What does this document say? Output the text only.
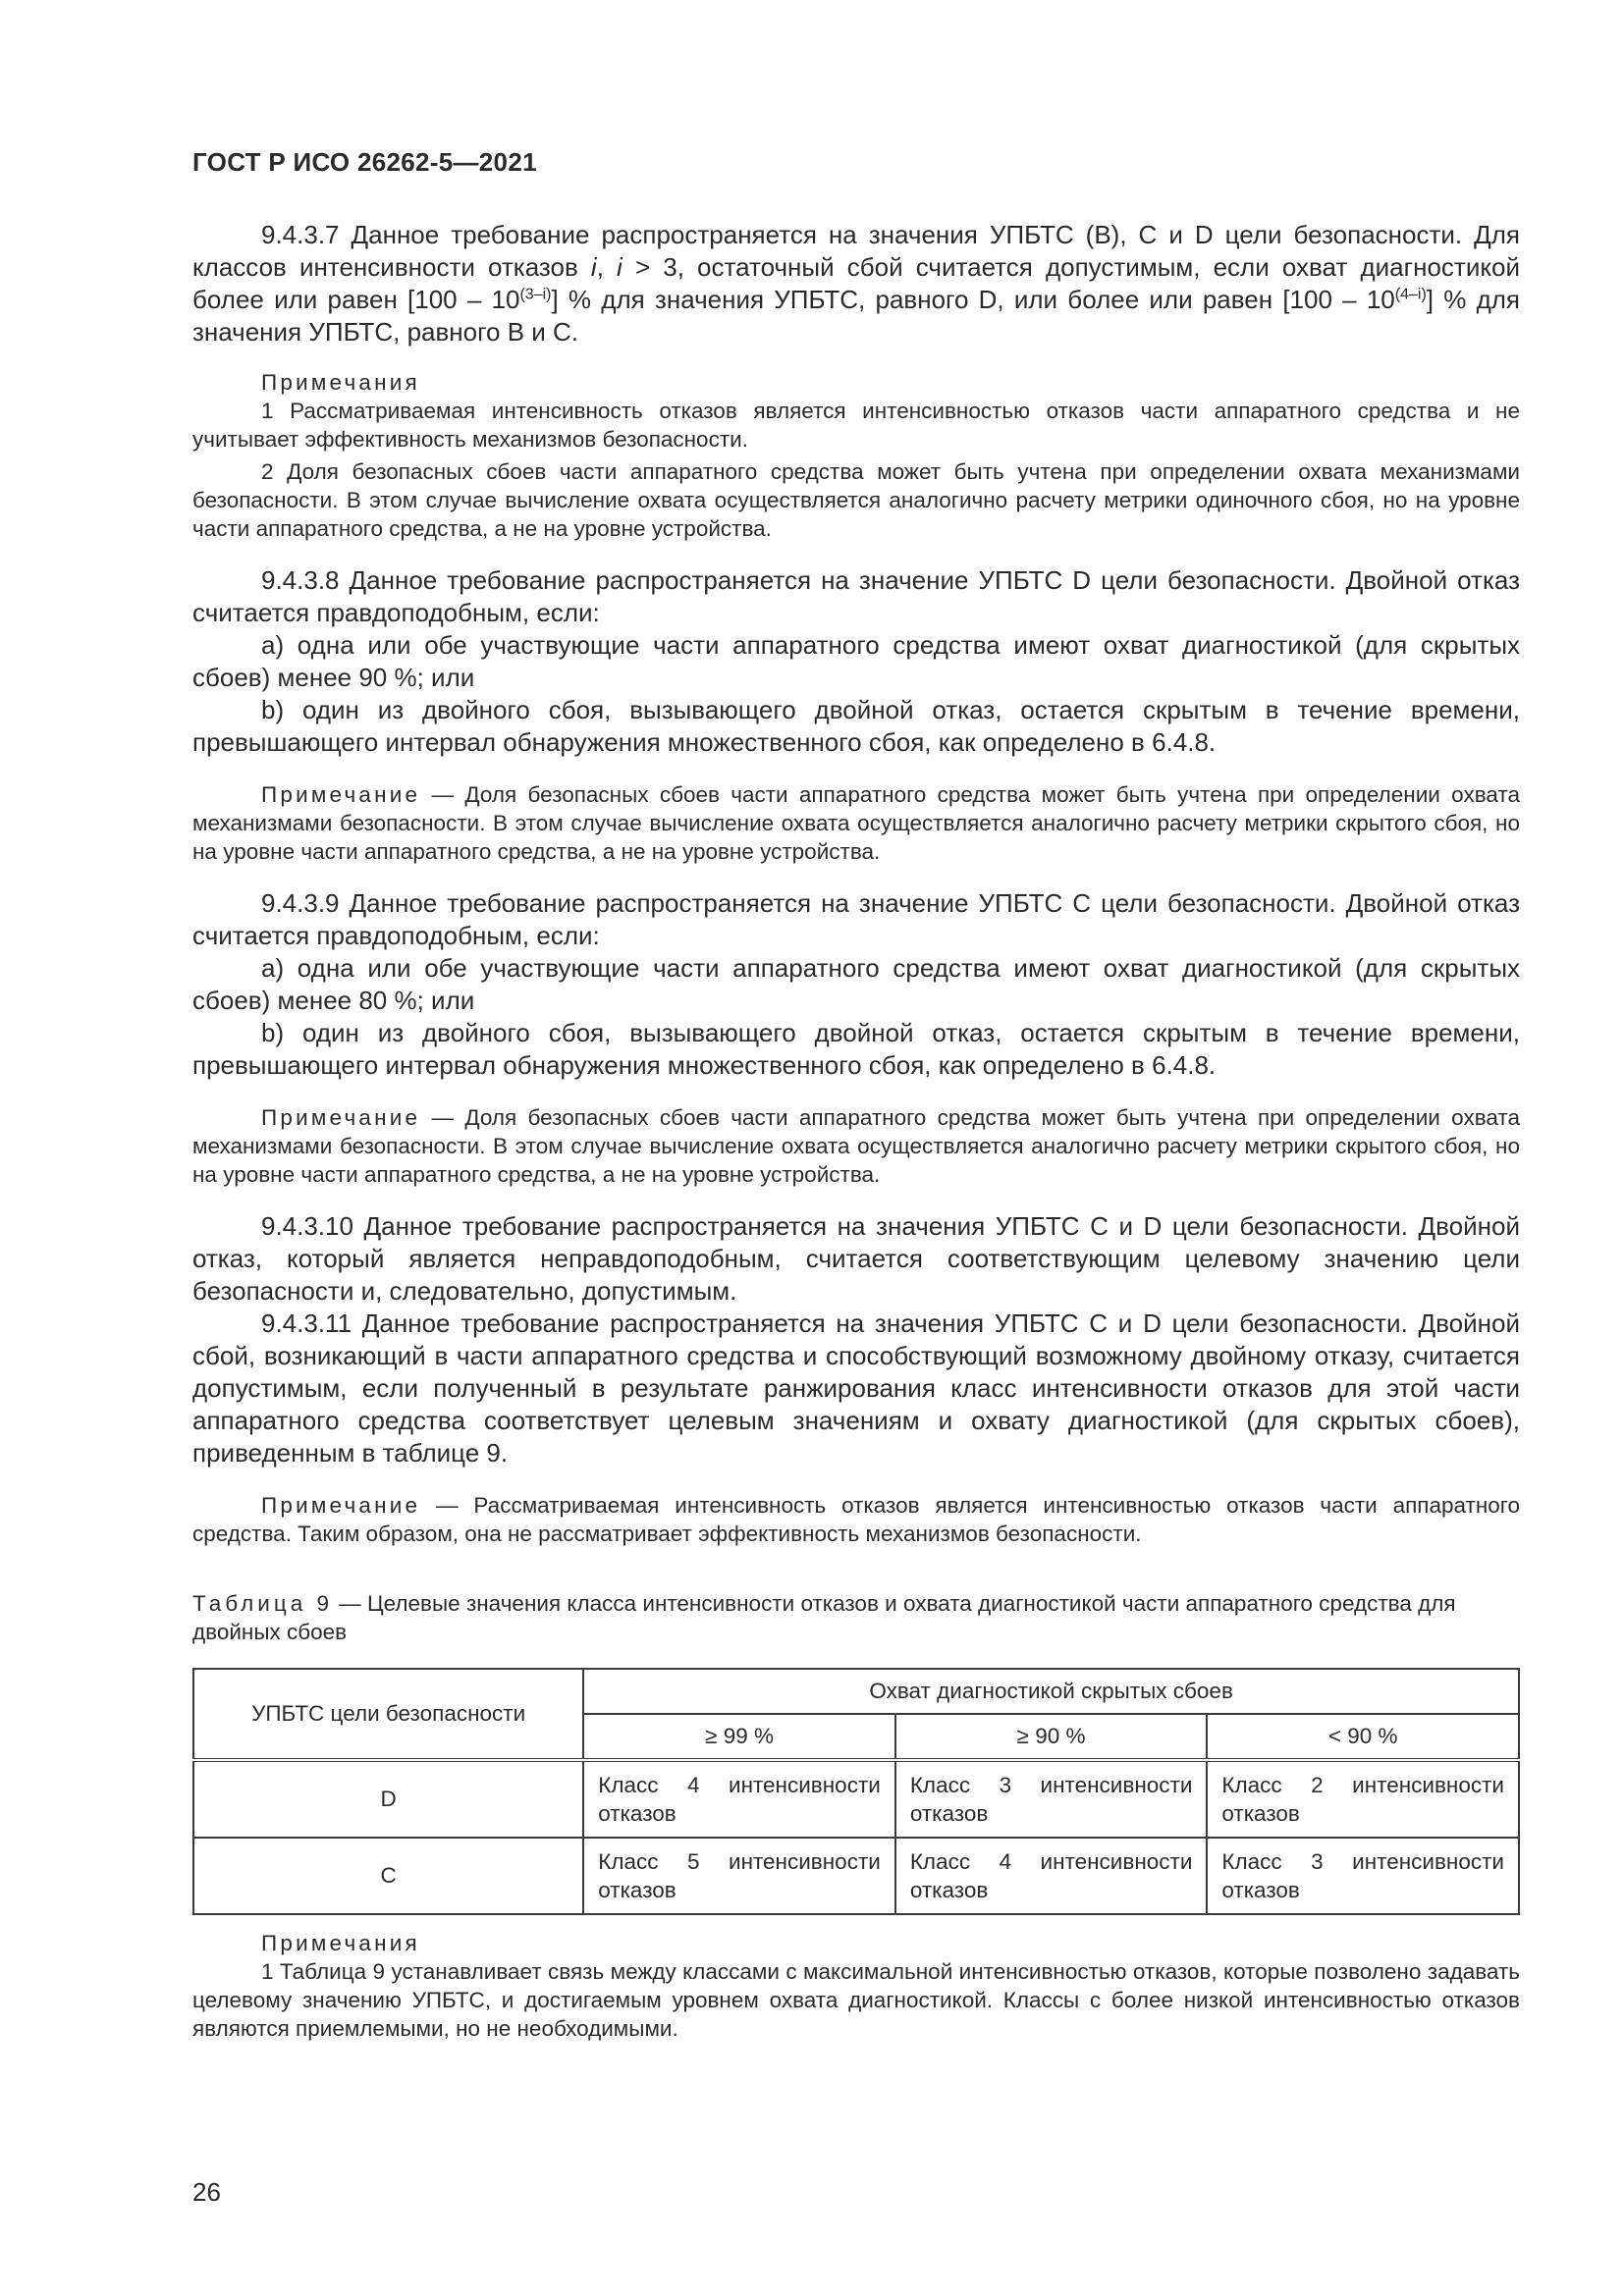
ГОСТ Р ИСО 26262-5—2021

9.4.3.7 Данное требование распространяется на значения УПБТС (В), С и D цели безопасности. Для классов интенсивности отказов i, i > 3, остаточный сбой считается допустимым, если охват диагностикой более или равен [100 – 10$^{(3-i)}$] % для значения УПБТС, равного D, или более или равен [100 – 10$^{(4-i)}$] % для значения УПБТС, равного В и С.

Примечания

1 Рассматриваемая интенсивность отказов является интенсивностью отказов части аппаратного средства и не учитывает эффективность механизмов безопасности.

2 Доля безопасных сбоев части аппаратного средства может быть учтена при определении охвата механизмами безопасности. В этом случае вычисление охвата осуществляется аналогично расчету метрики одиночного сбоя, но на уровне части аппаратного средства, а не на уровне устройства.

9.4.3.8 Данное требование распространяется на значение УПБТС D цели безопасности. Двойной отказ считается правдоподобным, если:

а) одна или обе участвующие части аппаратного средства имеют охват диагностикой (для скрытых сбоев) менее 90 %; или

b) один из двойного сбоя, вызывающего двойной отказ, остается скрытым в течение времени, превышающего интервал обнаружения множественного сбоя, как определено в 6.4.8.

Примечание — Доля безопасных сбоев части аппаратного средства может быть учтена при определении охвата механизмами безопасности. В этом случае вычисление охвата осуществляется аналогично расчету метрики скрытого сбоя, но на уровне части аппаратного средства, а не на уровне устройства.

9.4.3.9 Данное требование распространяется на значение УПБТС С цели безопасности. Двойной отказ считается правдоподобным, если:

а) одна или обе участвующие части аппаратного средства имеют охват диагностикой (для скрытых сбоев) менее 80 %; или

b) один из двойного сбоя, вызывающего двойной отказ, остается скрытым в течение времени, превышающего интервал обнаружения множественного сбоя, как определено в 6.4.8.

Примечание — Доля безопасных сбоев части аппаратного средства может быть учтена при определении охвата механизмами безопасности. В этом случае вычисление охвата осуществляется аналогично расчету метрики скрытого сбоя, но на уровне части аппаратного средства, а не на уровне устройства.

9.4.3.10 Данное требование распространяется на значения УПБТС С и D цели безопасности. Двойной отказ, который является неправдоподобным, считается соответствующим целевому значению цели безопасности и, следовательно, допустимым.

9.4.3.11 Данное требование распространяется на значения УПБТС С и D цели безопасности. Двойной сбой, возникающий в части аппаратного средства и способствующий возможному двойному отказу, считается допустимым, если полученный в результате ранжирования класс интенсивности отказов для этой части аппаратного средства соответствует целевым значениям и охвату диагностикой (для скрытых сбоев), приведенным в таблице 9.

Примечание — Рассматриваемая интенсивность отказов является интенсивностью отказов части аппаратного средства. Таким образом, она не рассматривает эффективность механизмов безопасности.

Таблица 9 — Целевые значения класса интенсивности отказов и охвата диагностикой части аппаратного средства для двойных сбоев
УПБТС цели безопасности	Охват диагностикой скрытых сбоев		
	≥ 99 %	≥ 90 %	< 90 %
D	Класс 4 интенсивности отказов	Класс 3 интенсивности отказов	Класс 2 интенсивности отказов
С	Класс 5 интенсивности отказов	Класс 4 интенсивности отказов	Класс 3 интенсивности отказов
Примечания

1 Таблица 9 устанавливает связь между классами с максимальной интенсивностью отказов, которые позволено задавать целевому значению УПБТС, и достигаемым уровнем охвата диагностикой. Классы с более низкой интенсивностью отказов являются приемлемыми, но не необходимыми.

26
